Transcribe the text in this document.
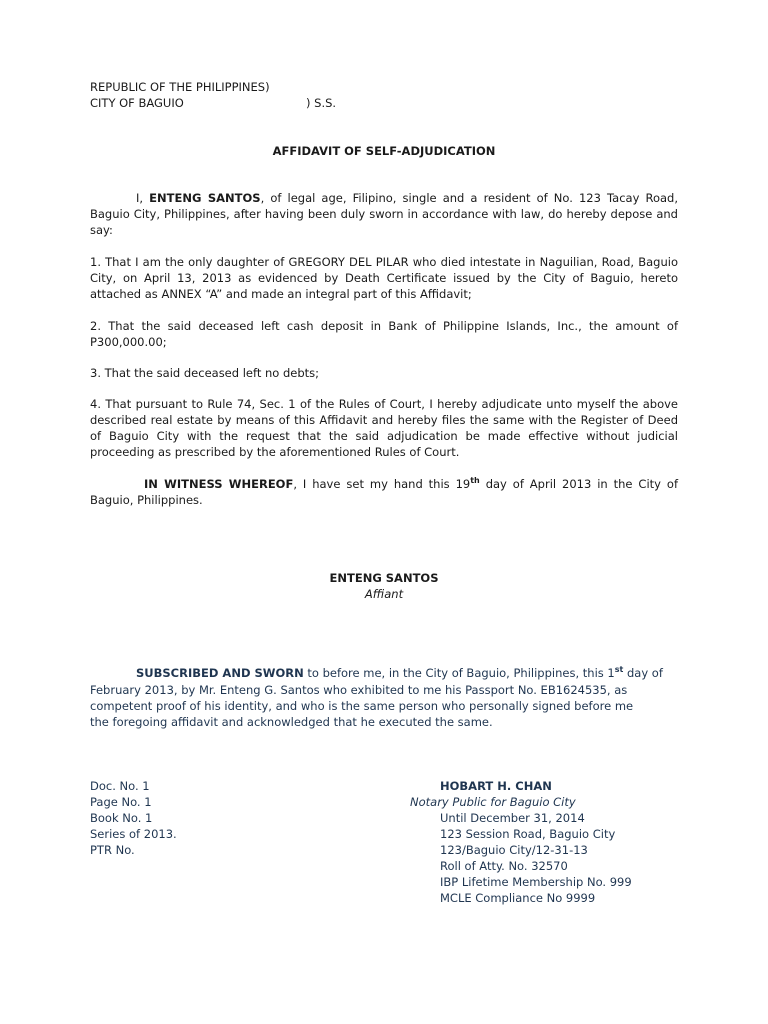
REPUBLIC OF THE PHILIPPINES)
CITY OF BAGUIO	) S.S.
AFFIDAVIT OF SELF-ADJUDICATION

I, ENTENG SANTOS, of legal age, Filipino, single and a resident of No. 123 Tacay Road, Baguio City, Philippines, after having been duly sworn in accordance with law, do hereby depose and say:

1. That I am the only daughter of GREGORY DEL PILAR who died intestate in Naguilian, Road, Baguio City, on April 13, 2013 as evidenced by Death Certificate issued by the City of Baguio, hereto attached as ANNEX “A” and made an integral part of this Affidavit;

2. That the said deceased left cash deposit in Bank of Philippine Islands, Inc., the amount of P300,000.00;

3. That the said deceased left no debts;

4. That pursuant to Rule 74, Sec. 1 of the Rules of Court, I hereby adjudicate unto myself the above described real estate by means of this Affidavit and hereby files the same with the Register of Deed of Baguio City with the request that the said adjudication be made effective without judicial proceeding as prescribed by the aforementioned Rules of Court.

IN WITNESS WHEREOF, I have set my hand this 19th day of April 2013 in the City of Baguio, Philippines.

ENTENG SANTOS
Affiant
SUBSCRIBED AND SWORN to before me, in the City of Baguio, Philippines, this 1st day of
February 2013, by Mr. Enteng G. Santos who exhibited to me his Passport No. EB1624535, as
competent proof of his identity, and who is the same person who personally signed before me
the foregoing affidavit and acknowledged that he executed the same.
Doc. No. 1
Page No. 1
Book No. 1
Series of 2013.
PTR No.
HOBART H. CHAN
Notary Public for Baguio City
Until December 31, 2014
123 Session Road, Baguio City
123/Baguio City/12-31-13
Roll of Atty. No. 32570
IBP Lifetime Membership No. 999
MCLE Compliance No 9999
